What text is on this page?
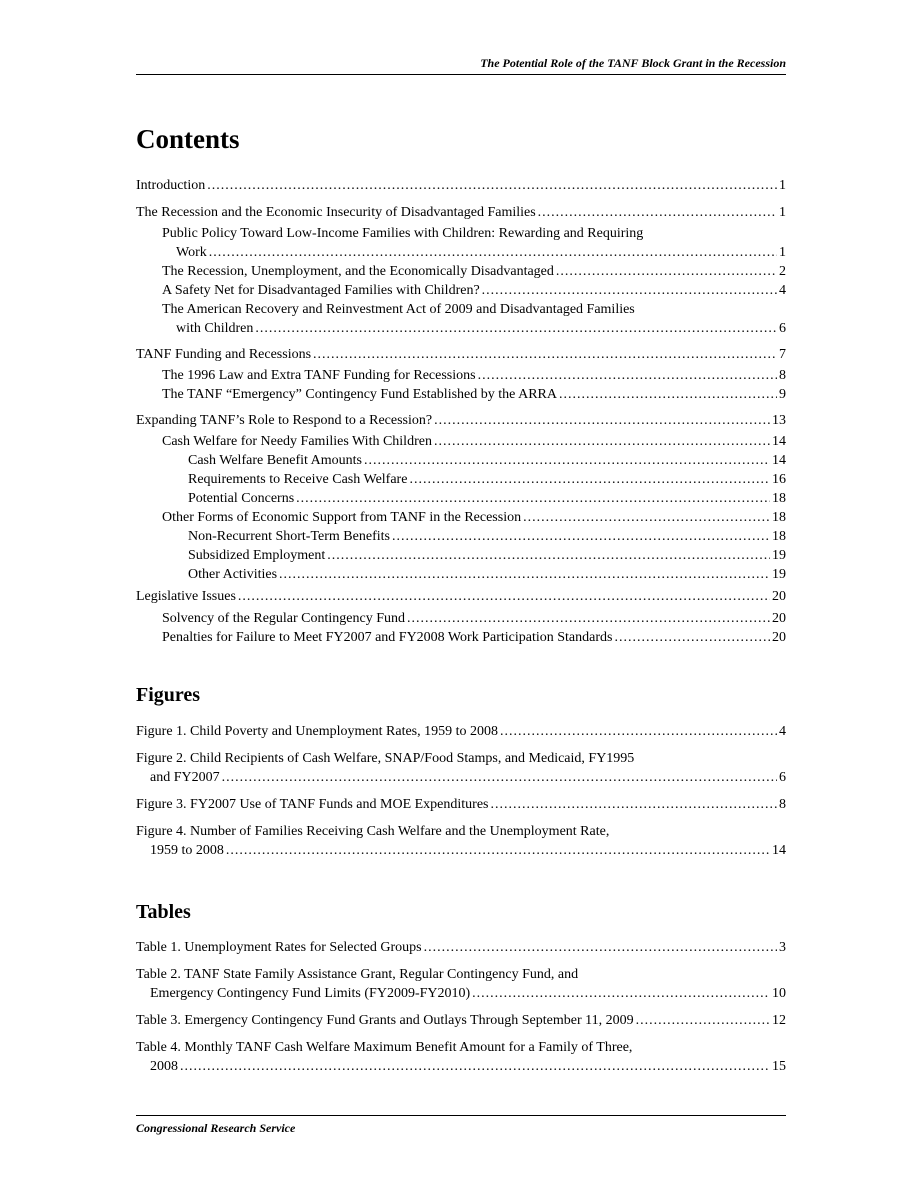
The Potential Role of the TANF Block Grant in the Recession
Contents
Introduction .....	1
The Recession and the Economic Insecurity of Disadvantaged Families .....	1
Public Policy Toward Low-Income Families with Children: Rewarding and Requiring
Work .....	1
The Recession, Unemployment, and the Economically Disadvantaged .....	2
A Safety Net for Disadvantaged Families with Children? .....	4
The American Recovery and Reinvestment Act of 2009 and Disadvantaged Families
with Children .....	6
TANF Funding and Recessions .....	7
The 1996 Law and Extra TANF Funding for Recessions .....	8
The TANF “Emergency” Contingency Fund Established by the ARRA .....	9
Expanding TANF’s Role to Respond to a Recession? .....	13
Cash Welfare for Needy Families With Children .....	14
Cash Welfare Benefit Amounts .....	14
Requirements to Receive Cash Welfare .....	16
Potential Concerns .....	18
Other Forms of Economic Support from TANF in the Recession .....	18
Non-Recurrent Short-Term Benefits .....	18
Subsidized Employment .....	19
Other Activities .....	19
Legislative Issues .....	20
Solvency of the Regular Contingency Fund .....	20
Penalties for Failure to Meet FY2007 and FY2008 Work Participation Standards .....	20
Figures
Figure 1. Child Poverty and Unemployment Rates, 1959 to 2008 .....	4
Figure 2. Child Recipients of Cash Welfare, SNAP/Food Stamps, and Medicaid, FY1995
and FY2007 .....	6
Figure 3. FY2007 Use of TANF Funds and MOE Expenditures .....	8
Figure 4. Number of Families Receiving Cash Welfare and the Unemployment Rate,
1959 to 2008 .....	14
Tables
Table 1. Unemployment Rates for Selected Groups .....	3
Table 2. TANF State Family Assistance Grant, Regular Contingency Fund, and
Emergency Contingency Fund Limits (FY2009-FY2010) .....	10
Table 3. Emergency Contingency Fund Grants and Outlays Through September 11, 2009 .....	12
Table 4. Monthly TANF Cash Welfare Maximum Benefit Amount for a Family of Three,
2008 .....	15
Congressional Research Service
